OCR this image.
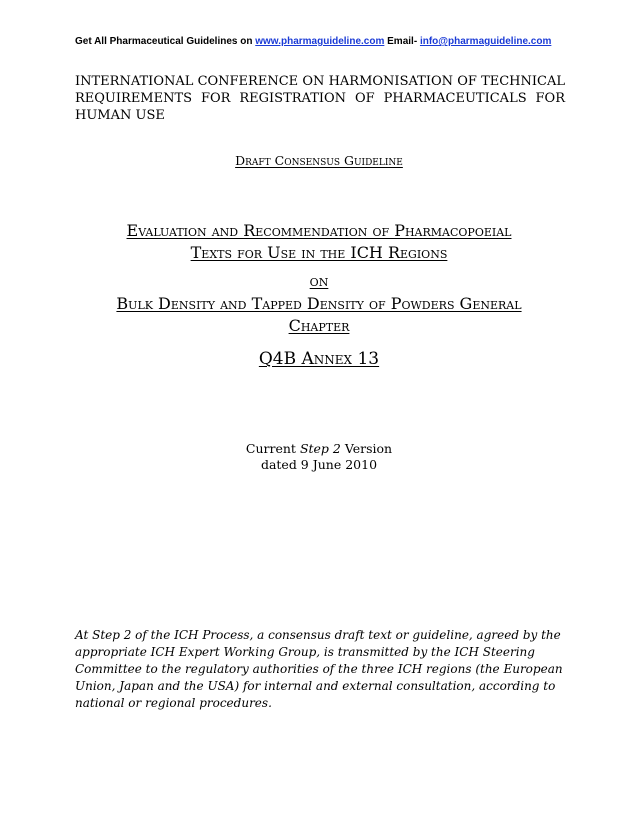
Get All Pharmaceutical Guidelines on www.pharmaguideline.com Email- info@pharmaguideline.com
INTERNATIONAL CONFERENCE ON HARMONISATION OF TECHNICAL
REQUIREMENTS FOR REGISTRATION OF PHARMACEUTICALS FOR HUMAN USE
Draft Consensus Guideline
Evaluation and Recommendation of Pharmacopoeial
Texts for Use in the ICH Regions
on
Bulk Density and Tapped Density of Powders General
Chapter
Q4B Annex 13
Current Step 2 Version
dated 9 June 2010
At Step 2 of the ICH Process, a consensus draft text or guideline, agreed by the appropriate ICH Expert Working Group, is transmitted by the ICH Steering Committee to the regulatory authorities of the three ICH regions (the European Union, Japan and the USA) for internal and external consultation, according to national or regional procedures.
